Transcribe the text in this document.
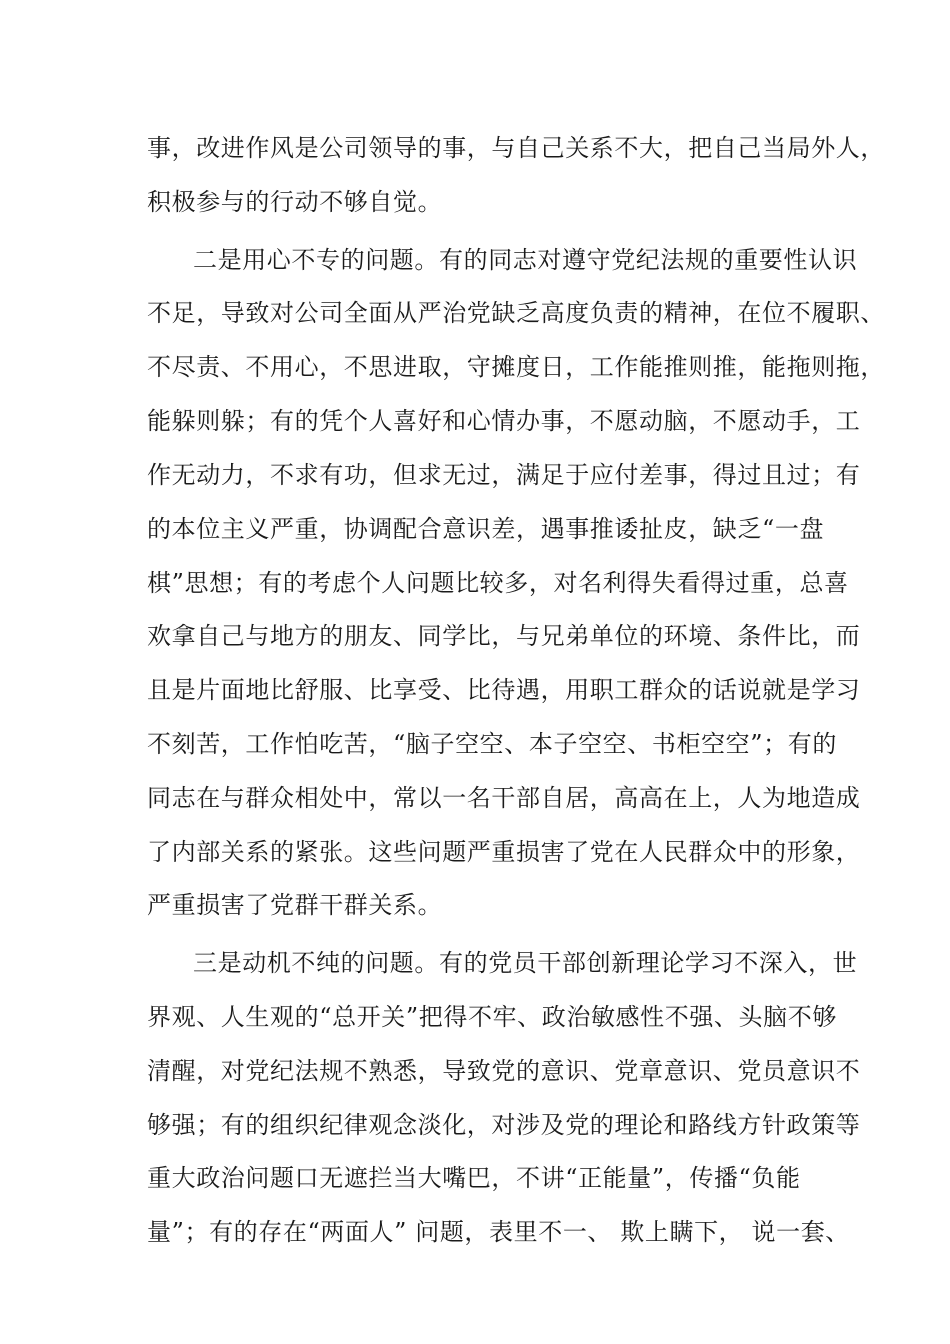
事，改进作风是公司领导的事，与自己关系不大，把自己当局外人，
积极参与的行动不够自觉。
二是用心不专的问题。有的同志对遵守党纪法规的重要性认识
不足，导致对公司全面从严治党缺乏高度负责的精神，在位不履职、
不尽责、不用心，不思进取，守摊度日，工作能推则推，能拖则拖，
能躲则躲；有的凭个人喜好和心情办事，不愿动脑，不愿动手，工
作无动力，不求有功，但求无过，满足于应付差事，得过且过；有
的本位主义严重，协调配合意识差，遇事推诿扯皮，缺乏“一盘
棋”思想；有的考虑个人问题比较多，对名利得失看得过重，总喜
欢拿自己与地方的朋友、同学比，与兄弟单位的环境、条件比，而
且是片面地比舒服、比享受、比待遇，用职工群众的话说就是学习
不刻苦，工作怕吃苦，“脑子空空、本子空空、书柜空空”；有的
同志在与群众相处中，常以一名干部自居，高高在上，人为地造成
了内部关系的紧张。这些问题严重损害了党在人民群众中的形象，
严重损害了党群干群关系。
三是动机不纯的问题。有的党员干部创新理论学习不深入，世
界观、人生观的“总开关”把得不牢、政治敏感性不强、头脑不够
清醒，对党纪法规不熟悉，导致党的意识、党章意识、党员意识不
够强；有的组织纪律观念淡化，对涉及党的理论和路线方针政策等
重大政治问题口无遮拦当大嘴巴，不讲“正能量”，传播“负能
量”；有的存在“两面人” 问题，表里不一、 欺上瞒下， 说一套、
